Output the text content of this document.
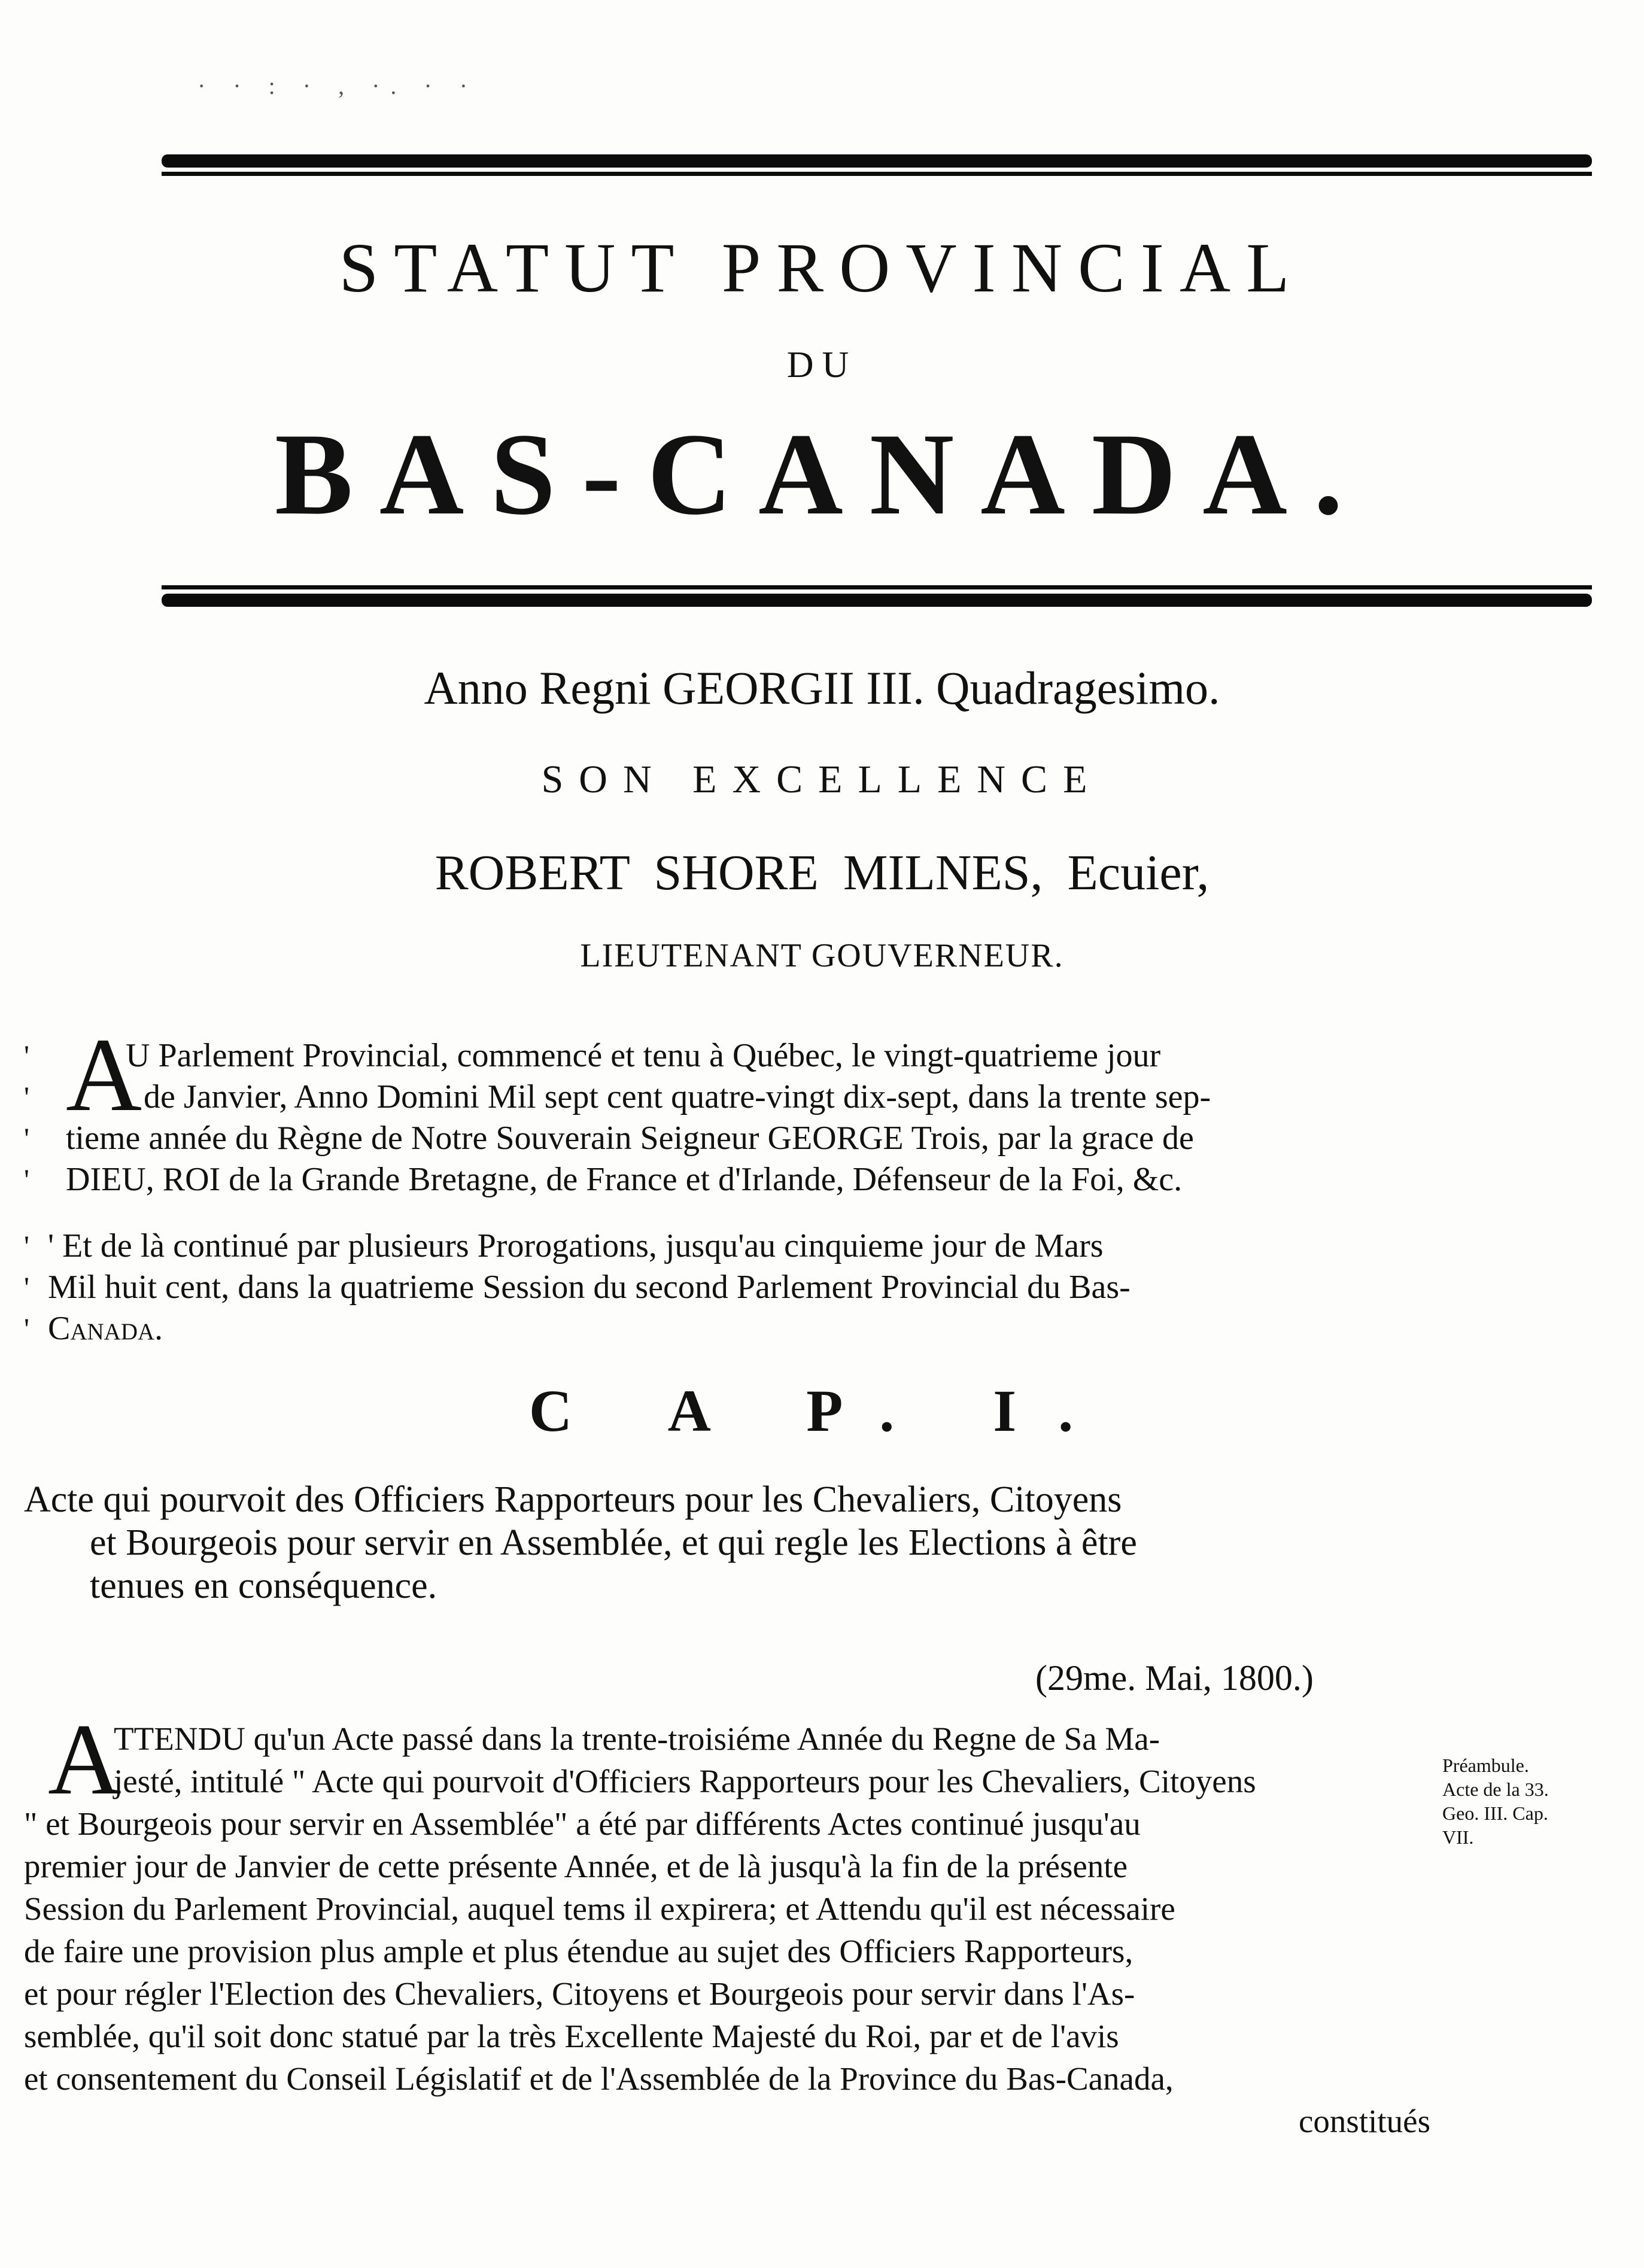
· · : · , ·. · ·
STATUT PROVINCIAL
DU
BAS-CANADA.
Anno Regni GEORGII III. Quadragesimo.
SON EXCELLENCE
ROBERT SHORE MILNES, Ecuier,
LIEUTENANT GOUVERNEUR.
A
'
'
'
'
U Parlement Provincial, commencé et tenu à Québec, le vingt-quatrieme jour
de Janvier, Anno Domini Mil sept cent quatre-vingt dix-sept, dans la trente sep-
tieme année du Règne de Notre Souverain Seigneur GEORGE Trois, par la grace de
DIEU, ROI de la Grande Bretagne, de France et d'Irlande, Défenseur de la Foi, &c.
'
'
'
' Et de là continué par plusieurs Prorogations, jusqu'au cinquieme jour de Mars
Mil huit cent, dans la quatrieme Session du second Parlement Provincial du Bas-
Canada.
C A P. I.
Acte qui pourvoit des Officiers Rapporteurs pour les Chevaliers, Citoyens
et Bourgeois pour servir en Assemblée, et qui regle les Elections à être
tenues en conséquence.
(29me. Mai, 1800.)
A
TTENDU qu'un Acte passé dans la trente-troisiéme Année du Regne de Sa Ma-
jesté, intitulé " Acte qui pourvoit d'Officiers Rapporteurs pour les Chevaliers, Citoyens
" et Bourgeois pour servir en Assemblée" a été par différents Actes continué jusqu'au
premier jour de Janvier de cette présente Année, et de là jusqu'à la fin de la présente
Session du Parlement Provincial, auquel tems il expirera; et Attendu qu'il est nécessaire
de faire une provision plus ample et plus étendue au sujet des Officiers Rapporteurs,
et pour régler l'Election des Chevaliers, Citoyens et Bourgeois pour servir dans l'As-
semblée, qu'il soit donc statué par la très Excellente Majesté du Roi, par et de l'avis
et consentement du Conseil Législatif et de l'Assemblée de la Province du Bas-Canada,
constitués
Préambule.
Acte de la 33.
Geo. III. Cap.
VII.
